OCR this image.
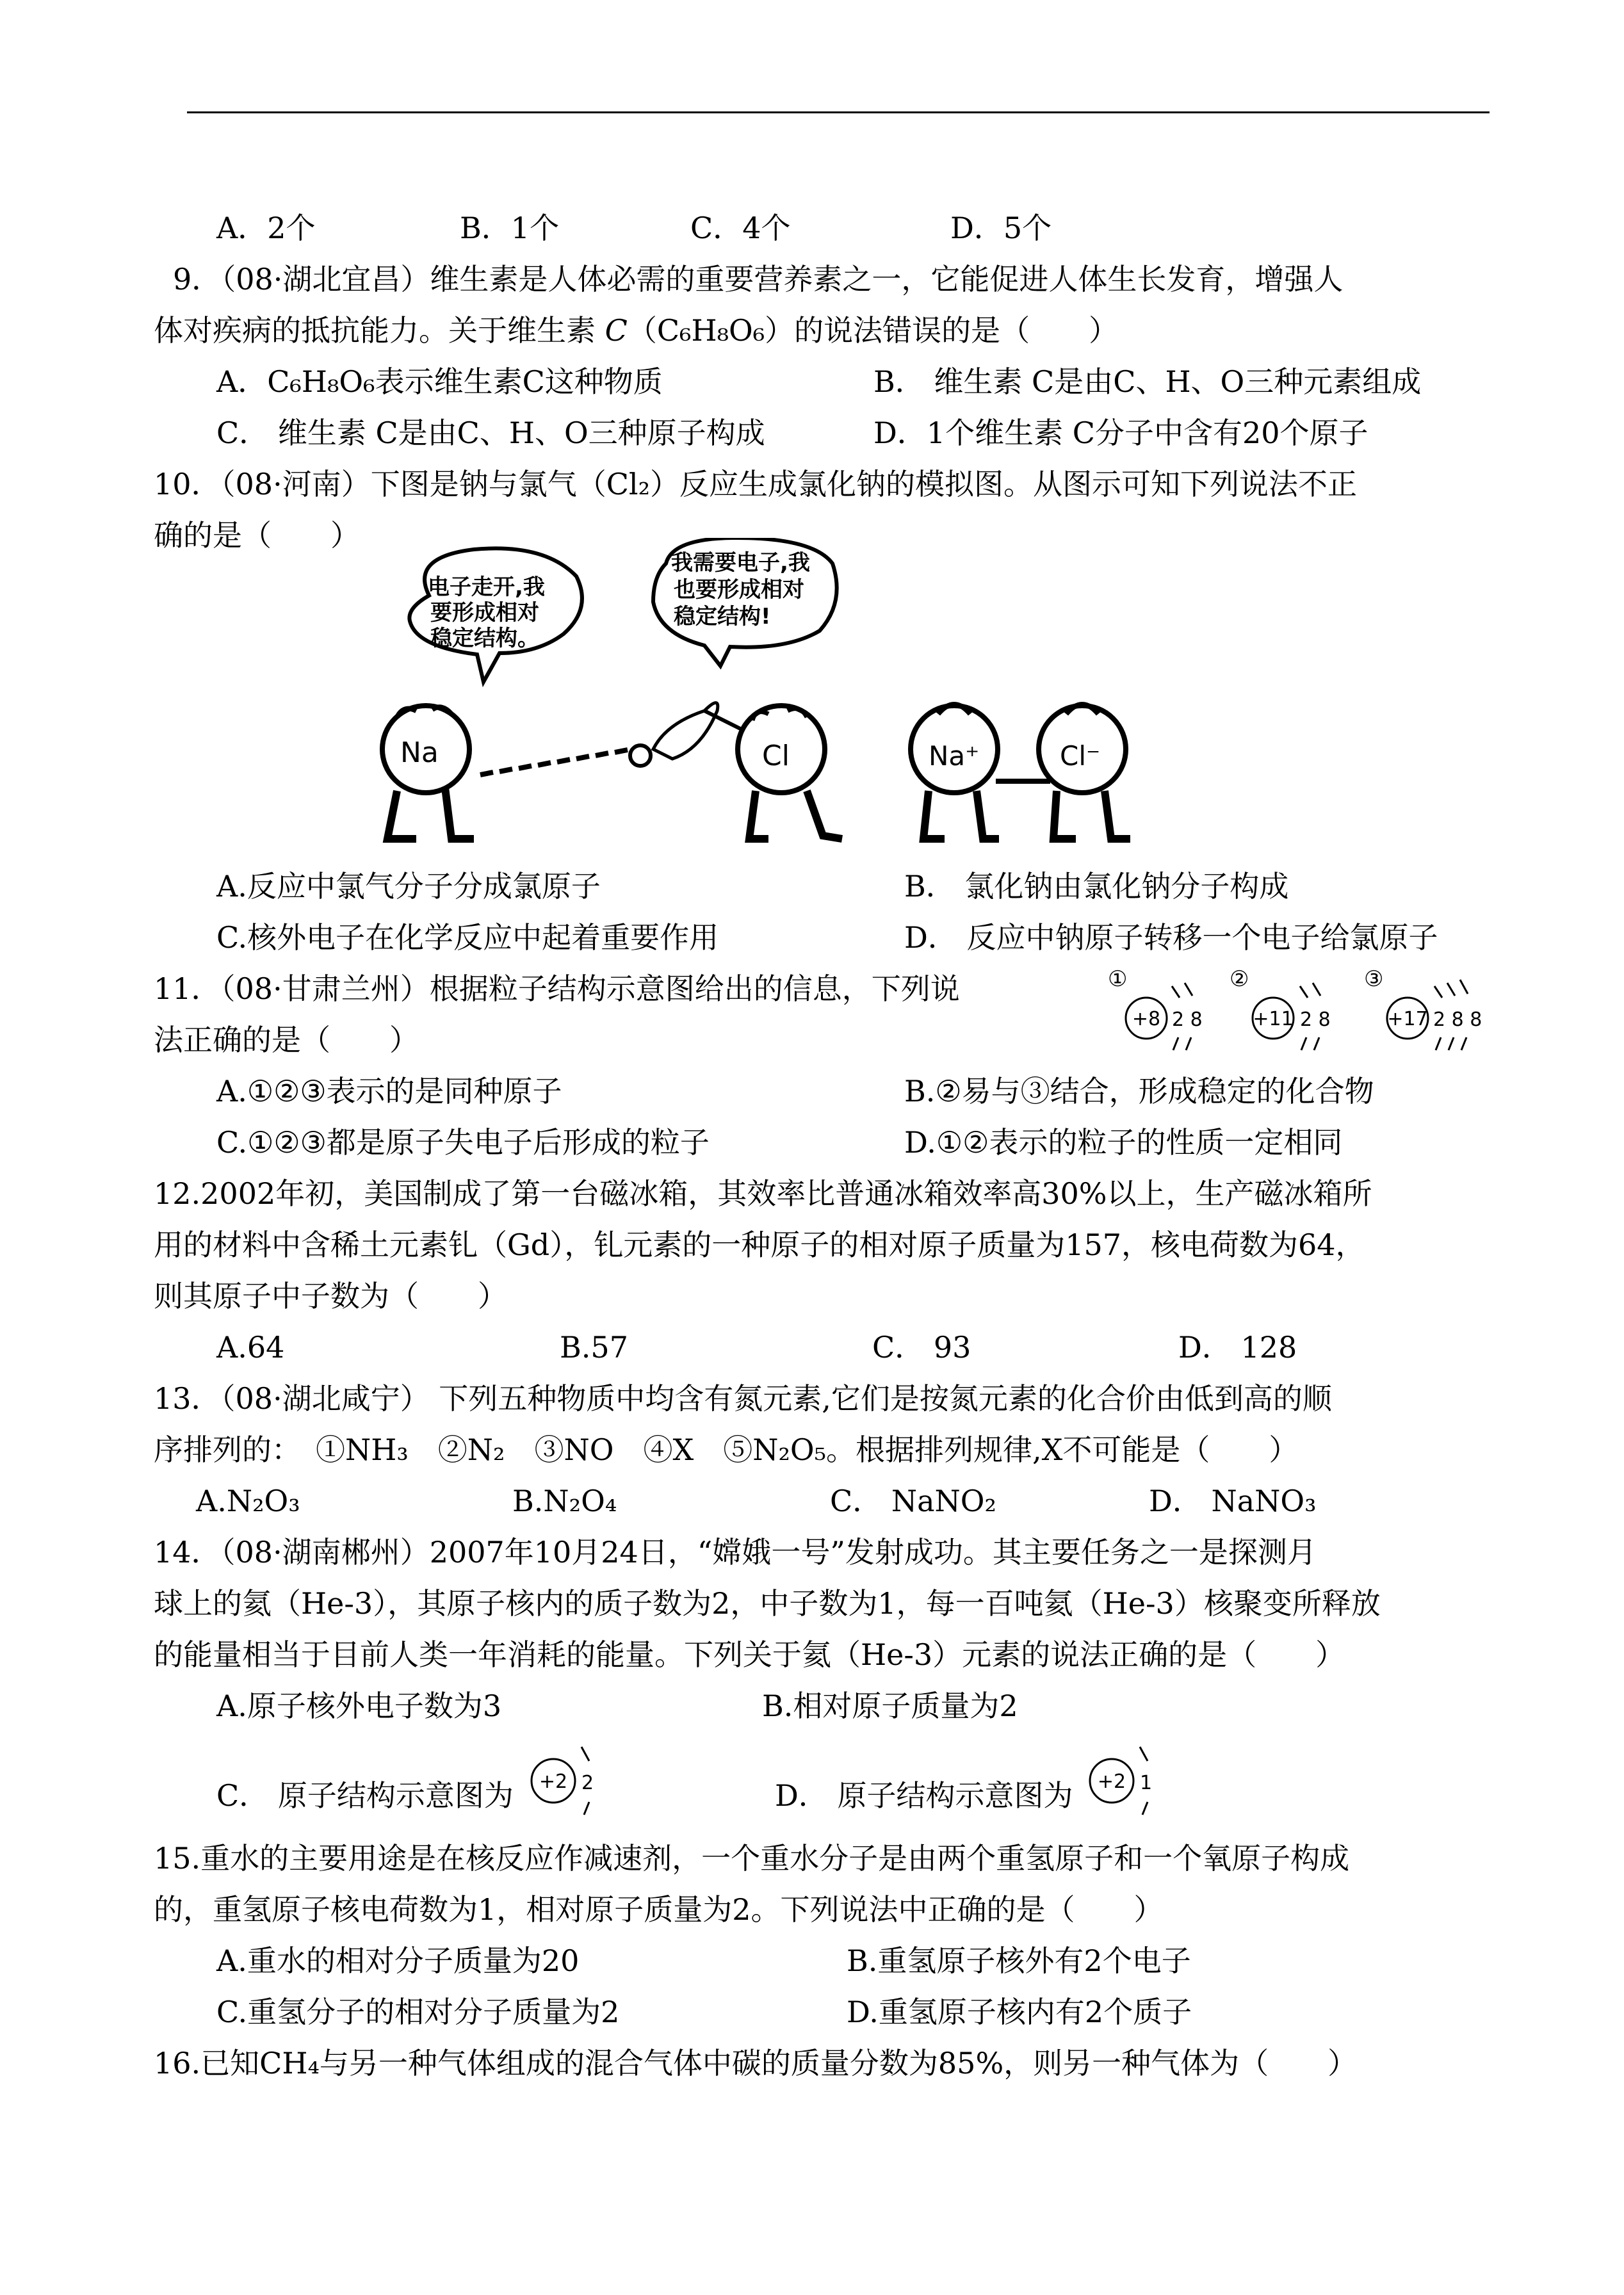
A．2个	B．1个	C．4个	D．5个
9．（08·湖北宜昌）维生素是人体必需的重要营养素之一，它能促进人体生长发育，增强人
体对疾病的抵抗能力。关于维生素 C（C₆H₈O₆）的说法错误的是（　　）
A．C₆H₈O₆表示维生素C这种物质	B． 维生素 C是由C、H、O三种元素组成
C． 维生素 C是由C、H、O三种原子构成	D．1个维生素 C分子中含有20个原子
10．（08·河南）下图是钠与氯气（Cl₂）反应生成氯化钠的模拟图。从图示可知下列说法不正
确的是（　　）
电子走开,我
要形成相对
稳定结构。
我需要电子,我
也要形成相对
稳定结构!
Na	Cl	Na⁺	Cl⁻
A.反应中氯气分子分成氯原子	B． 氯化钠由氯化钠分子构成
C.核外电子在化学反应中起着重要作用	D． 反应中钠原子转移一个电子给氯原子
11．（08·甘肃兰州）根据粒子结构示意图给出的信息，下列说
法正确的是（　　）
①
+8 2 8
②
+11 2 8
③
+17 2 8 8
A.①②③表示的是同种原子	B.②易与③结合，形成稳定的化合物
C.①②③都是原子失电子后形成的粒子	D.①②表示的粒子的性质一定相同
12.2002年初，美国制成了第一台磁冰箱，其效率比普通冰箱效率高30%以上，生产磁冰箱所
用的材料中含稀土元素钆（Gd），钆元素的一种原子的相对原子质量为157，核电荷数为64，
则其原子中子数为（　　）
A.64	B.57	C． 93	D． 128
13．（08·湖北咸宁） 下列五种物质中均含有氮元素,它们是按氮元素的化合价由低到高的顺
序排列的：　①NH₃　②N₂　③NO　④X　⑤N₂O₅。根据排列规律,X不可能是（　　）
A.N₂O₃	B.N₂O₄	C． NaNO₂	D． NaNO₃
14．（08·湖南郴州）2007年10月24日，“嫦娥一号”发射成功。其主要任务之一是探测月
球上的氦（He-3），其原子核内的质子数为2，中子数为1，每一百吨氦（He-3）核聚变所释放
的能量相当于目前人类一年消耗的能量。下列关于氦（He-3）元素的说法正确的是（　　）
A.原子核外电子数为3	B.相对原子质量为2
C． 原子结构示意图为 +2 2	D． 原子结构示意图为 +2 1
15.重水的主要用途是在核反应作减速剂，一个重水分子是由两个重氢原子和一个氧原子构成
的，重氢原子核电荷数为1，相对原子质量为2。下列说法中正确的是（　　）
A.重水的相对分子质量为20	B.重氢原子核外有2个电子
C.重氢分子的相对分子质量为2	D.重氢原子核内有2个质子
16.已知CH₄与另一种气体组成的混合气体中碳的质量分数为85%，则另一种气体为（　　）
